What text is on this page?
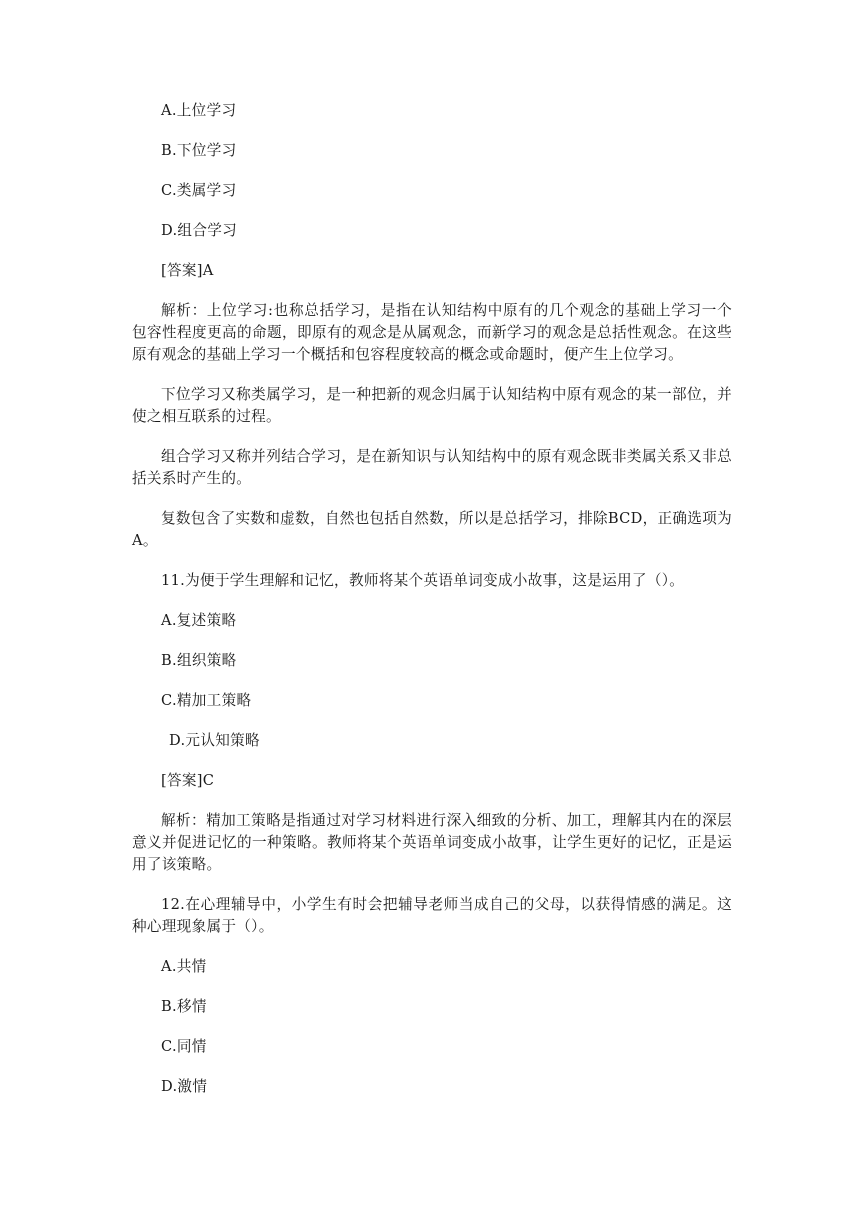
A.上位学习

B.下位学习

C.类属学习

D.组合学习

[答案]A

解析：上位学习:也称总括学习，是指在认知结构中原有的几个观念的基础上学习一个包容性程度更高的命题，即原有的观念是从属观念，而新学习的观念是总括性观念。在这些原有观念的基础上学习一个概括和包容程度较高的概念或命题时，便产生上位学习。

下位学习又称类属学习，是一种把新的观念归属于认知结构中原有观念的某一部位，并使之相互联系的过程。

组合学习又称并列结合学习，是在新知识与认知结构中的原有观念既非类属关系又非总括关系时产生的。

复数包含了实数和虚数，自然也包括自然数，所以是总括学习，排除BCD，正确选项为A。

11.为便于学生理解和记忆，教师将某个英语单词变成小故事，这是运用了（）。

A.复述策略

B.组织策略

C.精加工策略

D.元认知策略

[答案]C

解析：精加工策略是指通过对学习材料进行深入细致的分析、加工，理解其内在的深层意义并促进记忆的一种策略。教师将某个英语单词变成小故事，让学生更好的记忆，正是运用了该策略。

12.在心理辅导中，小学生有时会把辅导老师当成自己的父母，以获得情感的满足。这种心理现象属于（）。

A.共情

B.移情

C.同情

D.激情
